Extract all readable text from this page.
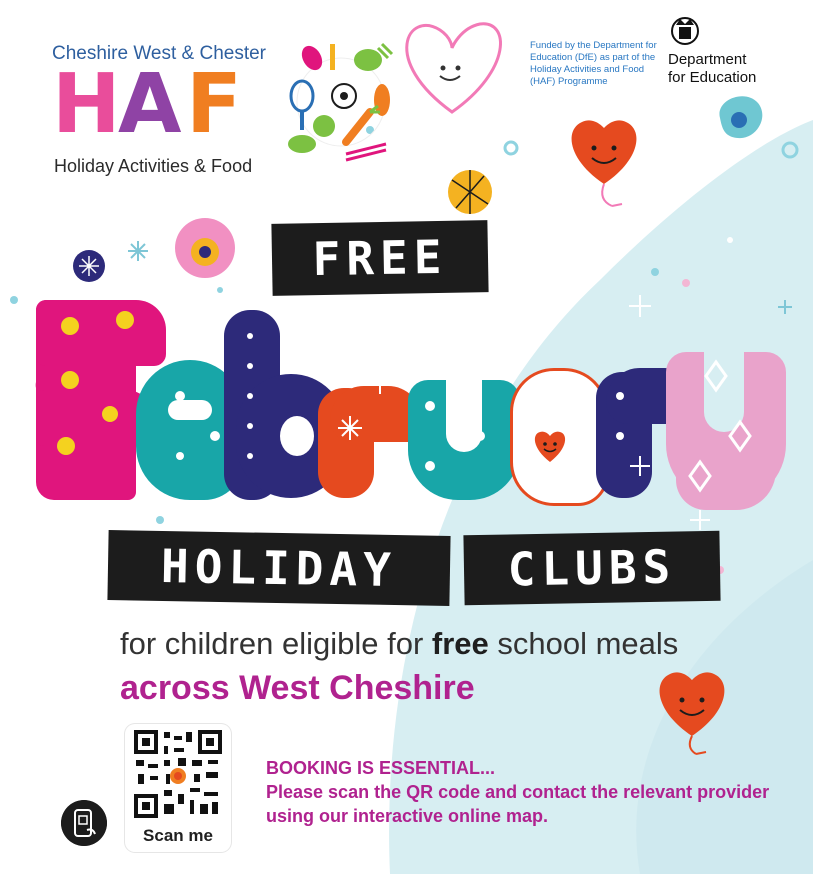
Cheshire West & Chester
H
A F
Holiday Activities & Food
Funded by the Department for Education (DfE) as part of the Holiday Activities and Food (HAF) Programme
Department
for Education
FREE
HOLIDAY	CLUBS
for children eligible for free school meals across West Cheshire
Scan me
BOOKING IS ESSENTIAL...
Please scan the QR code and contact the relevant provider using our interactive online map.
